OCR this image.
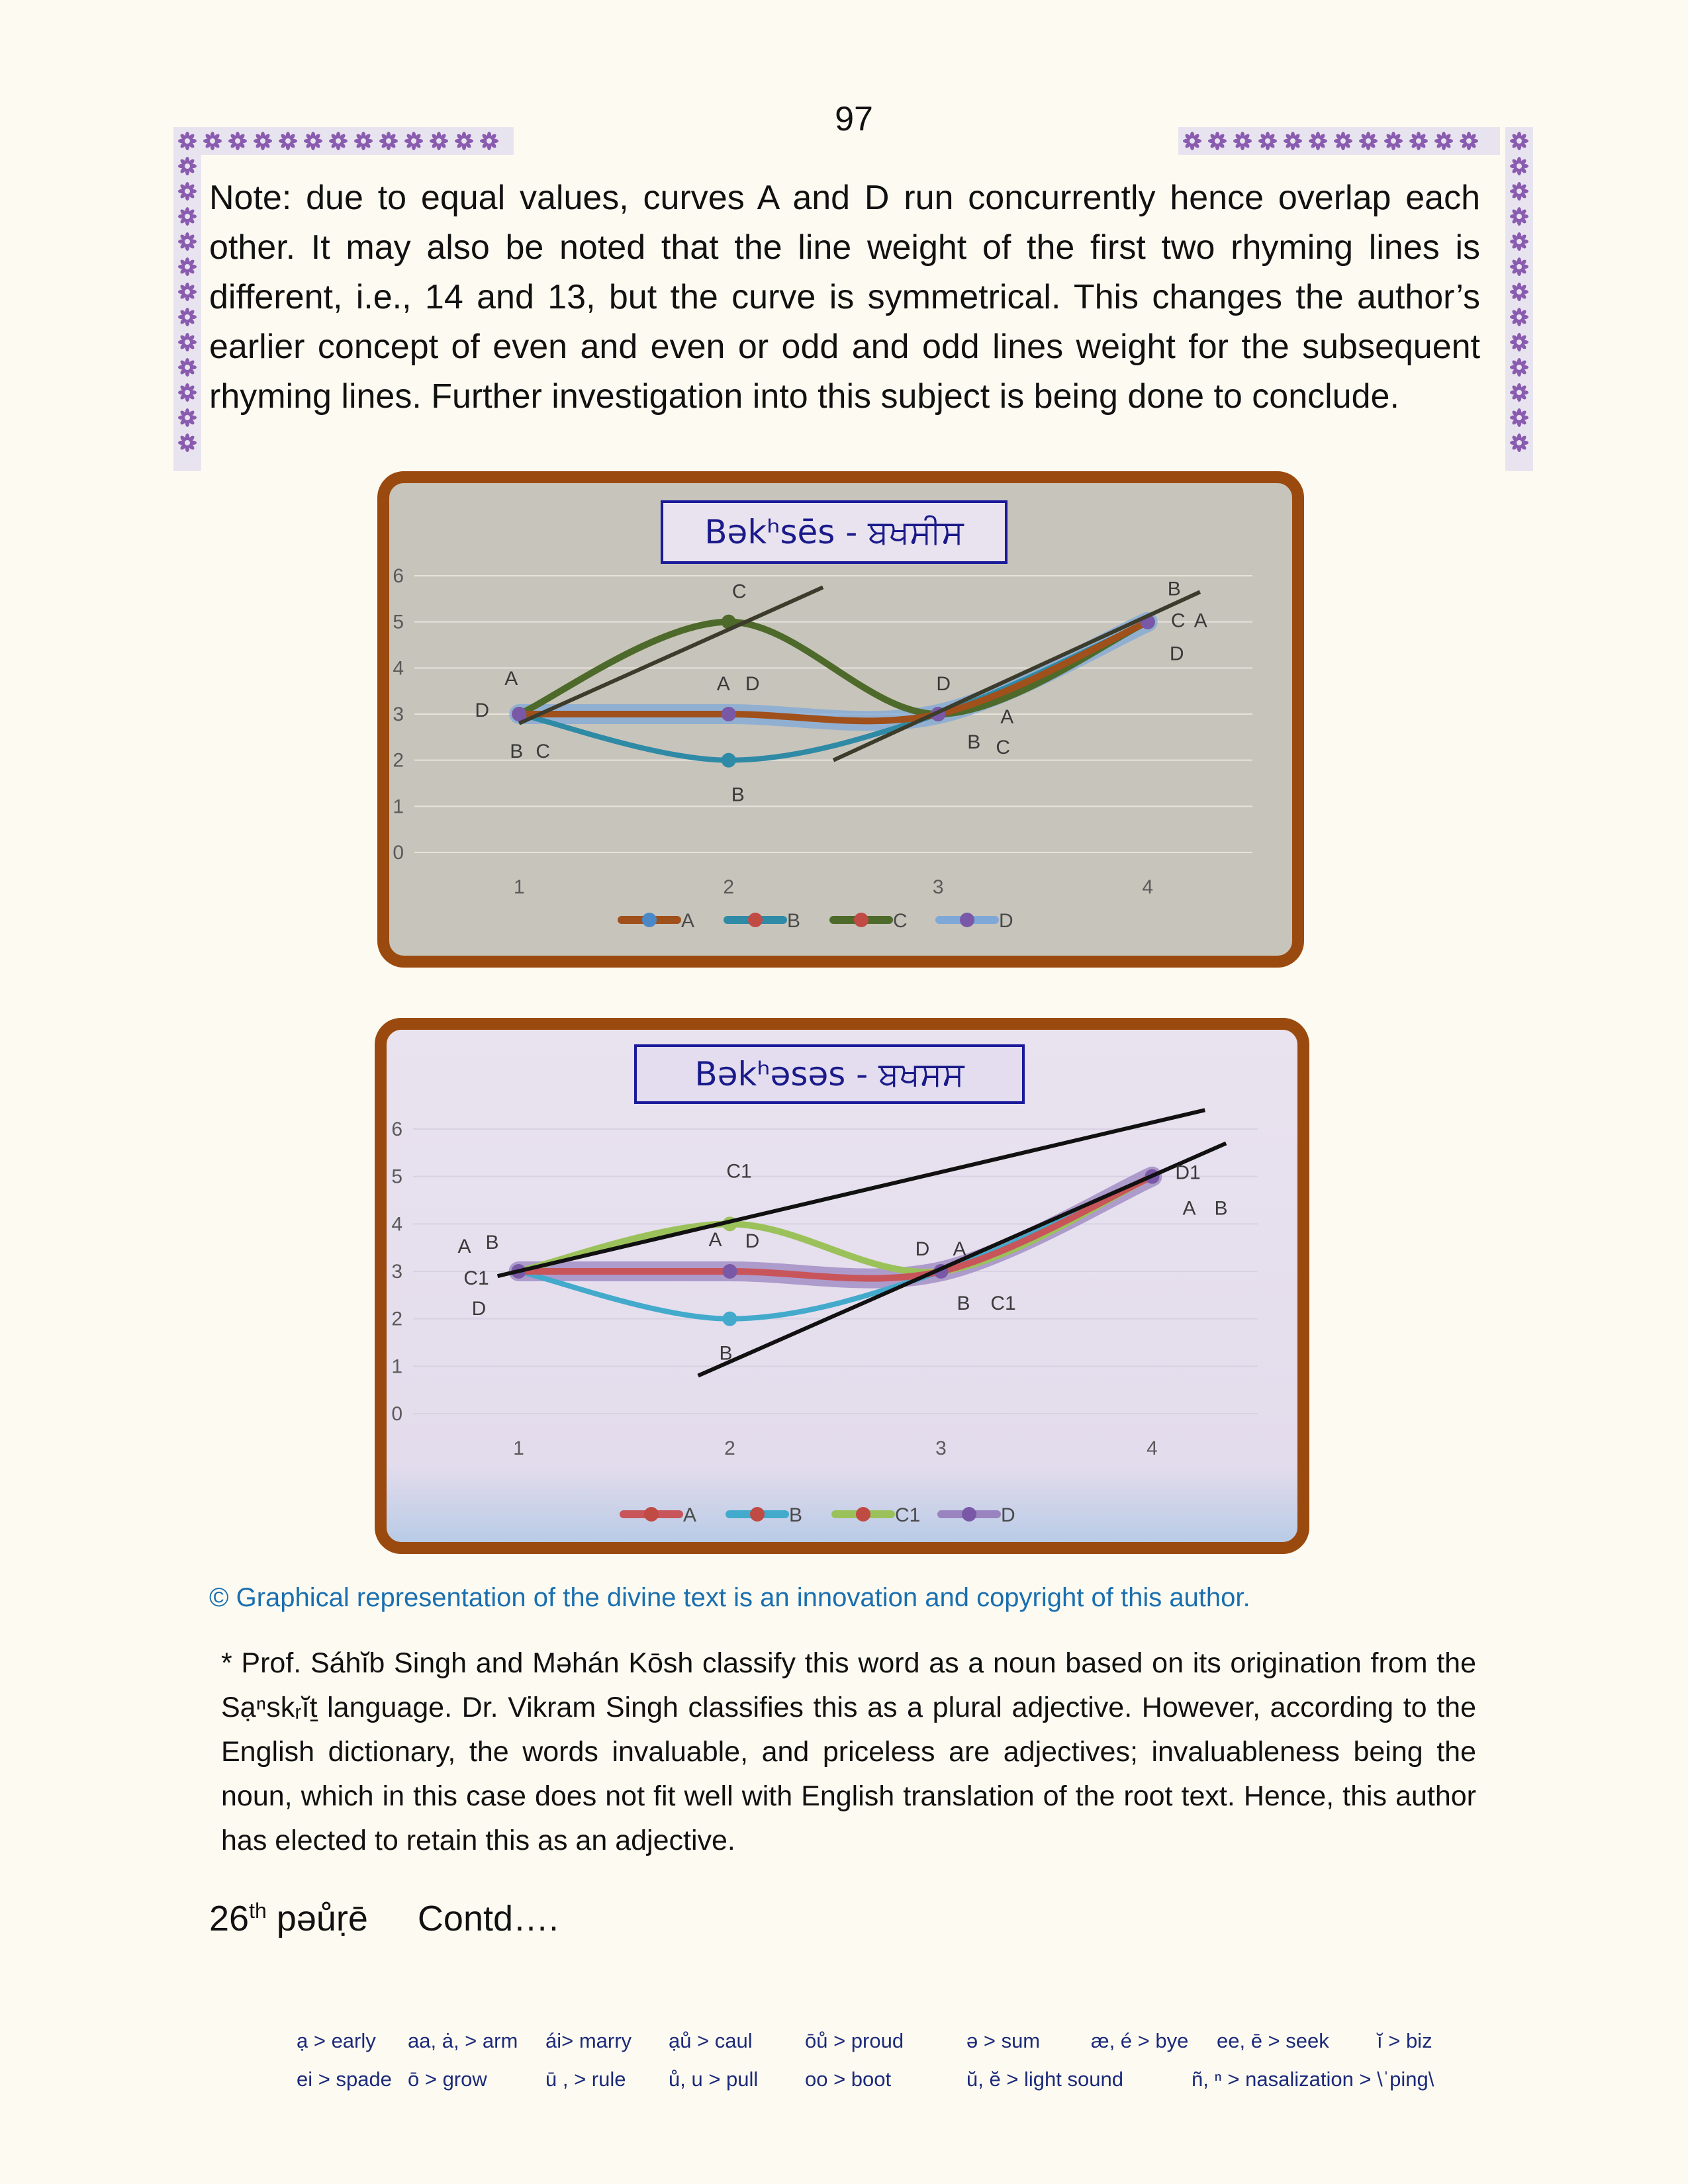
97
Note: due to equal values, curves A and D run concurrently hence overlap each other. It may also be noted that the line weight of the first two rhyming lines is different, i.e., 14 and 13, but the curve is symmetrical. This changes the author’s earlier concept of even and even or odd and odd lines weight for the subsequent rhyming lines. Further investigation into this subject is being done to conclude.
0
1
2
3
4
5
6
1	2	3	4
A
D
B C
C
A D
B
D
A
B C
B
C A
D
Bəkʰsēs - ਬਖਸੀਸ
A	B	C	D
0
1
2
3
4
5
6
1	2	3	4
A B
C1
D
C1
A D
B
D A
B C1
D1
A B
Bəkʰəsəs - ਬਖਸਸ
A	B	C1	D
© Graphical representation of the divine text is an innovation and copyright of this author.
* Prof. Sáhĭb Singh and Məhán Kōsh classify this word as a noun based on its origination from the Sạⁿskᵣĭṯ language. Dr. Vikram Singh classifies this as a plural adjective. However, according to the English dictionary, the words invaluable, and priceless are adjectives; invaluableness being the noun, which in this case does not fit well with English translation of the root text. Hence, this author has elected to retain this as an adjective.
26th pəůṛē Contd….
ạ > early aa, ȧ, > arm ái> marry ạů > caul	ōů > proud	ə > sum æ, é > bye ee, ē > seek ĭ > biz
ei > spade ō > grow	ū , > rule ů, u > pull oo > boot	ŭ, ĕ > light sound	ñ, ⁿ > nasalization > \ˈping\
